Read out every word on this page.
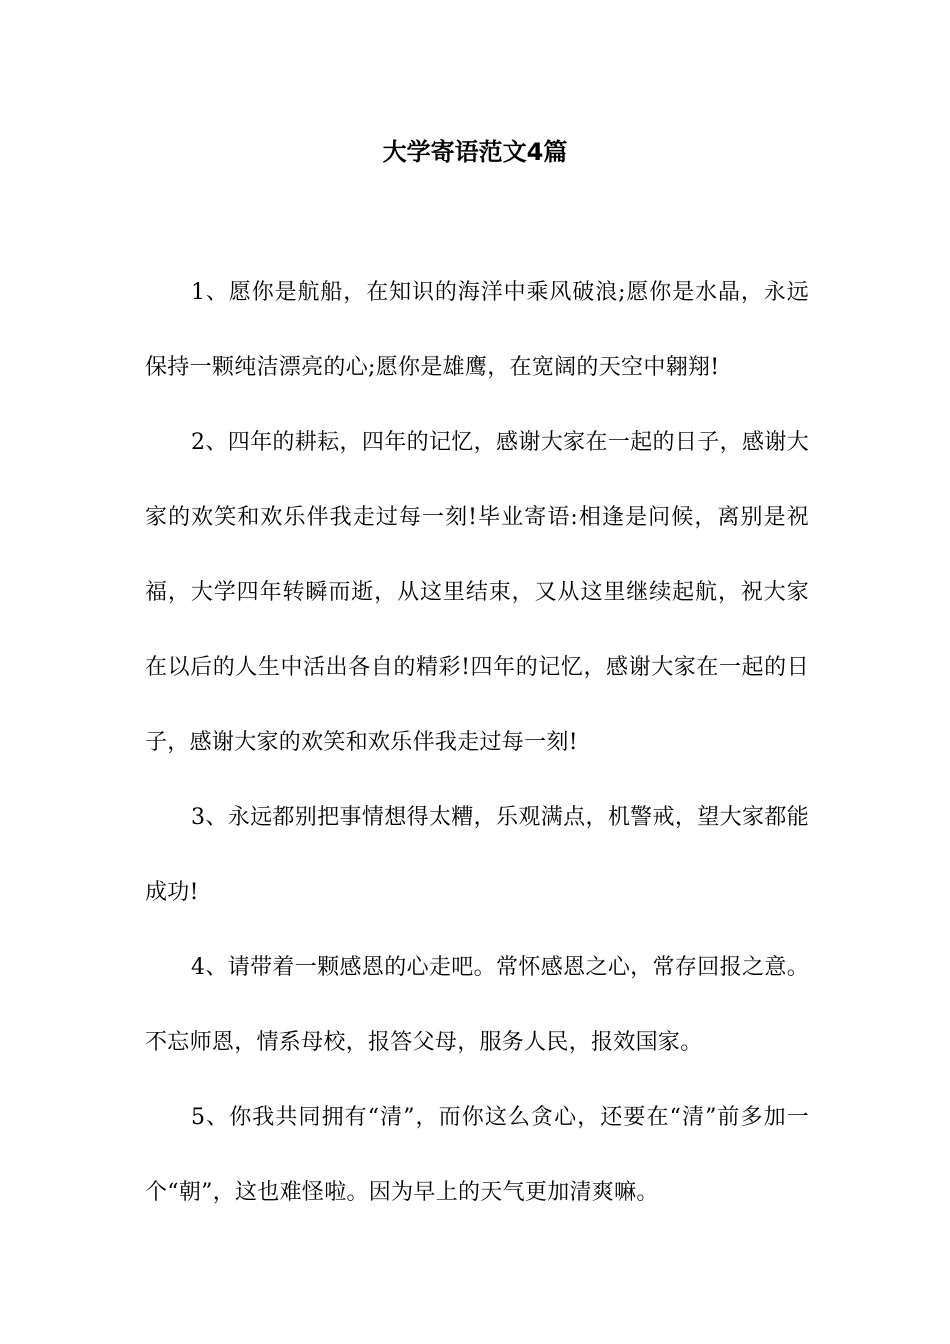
大学寄语范文4篇

1、愿你是航船，在知识的海洋中乘风破浪;愿你是水晶，永远保持一颗纯洁漂亮的心;愿你是雄鹰，在宽阔的天空中翱翔!

2、四年的耕耘，四年的记忆，感谢大家在一起的日子，感谢大家的欢笑和欢乐伴我走过每一刻!毕业寄语:相逢是问候，离别是祝福，大学四年转瞬而逝，从这里结束，又从这里继续起航，祝大家在以后的人生中活出各自的精彩!四年的记忆，感谢大家在一起的日子，感谢大家的欢笑和欢乐伴我走过每一刻!

3、永远都别把事情想得太糟，乐观满点，机警戒，望大家都能成功!

4、请带着一颗感恩的心走吧。常怀感恩之心，常存回报之意。不忘师恩，情系母校，报答父母，服务人民，报效国家。

5、你我共同拥有“清”，而你这么贪心，还要在“清”前多加一个“朝”，这也难怪啦。因为早上的天气更加清爽嘛。
